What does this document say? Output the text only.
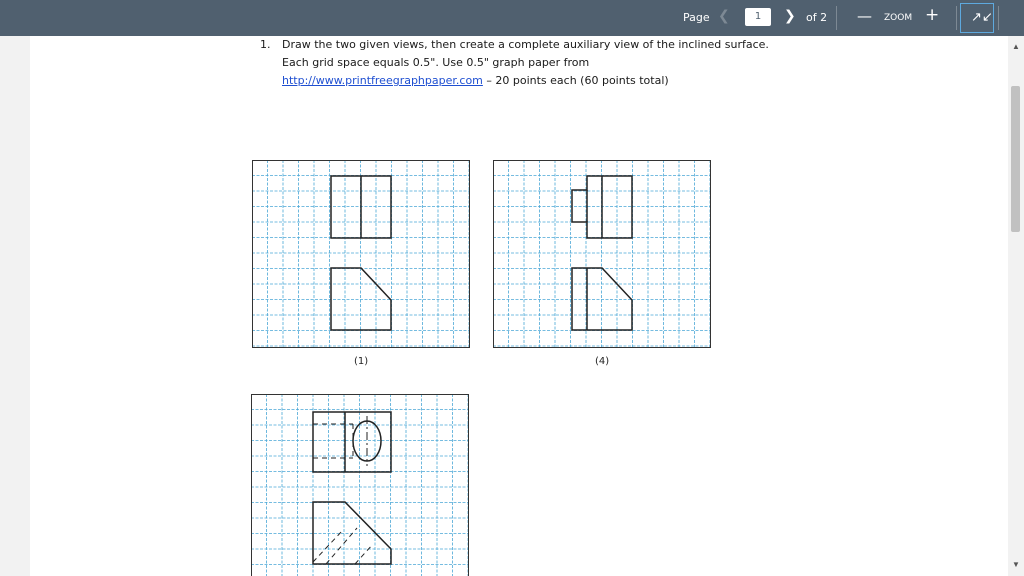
Page ❮	1	❯ of 2 — ZOOM + ↗↙
1. Draw the two given views, then create a complete auxiliary view of the inclined surface.
Each grid space equals 0.5". Use 0.5" graph paper from
http://www.printfreegraphpaper.com – 20 points each (60 points total)
(1)	(4)
▲
▼
